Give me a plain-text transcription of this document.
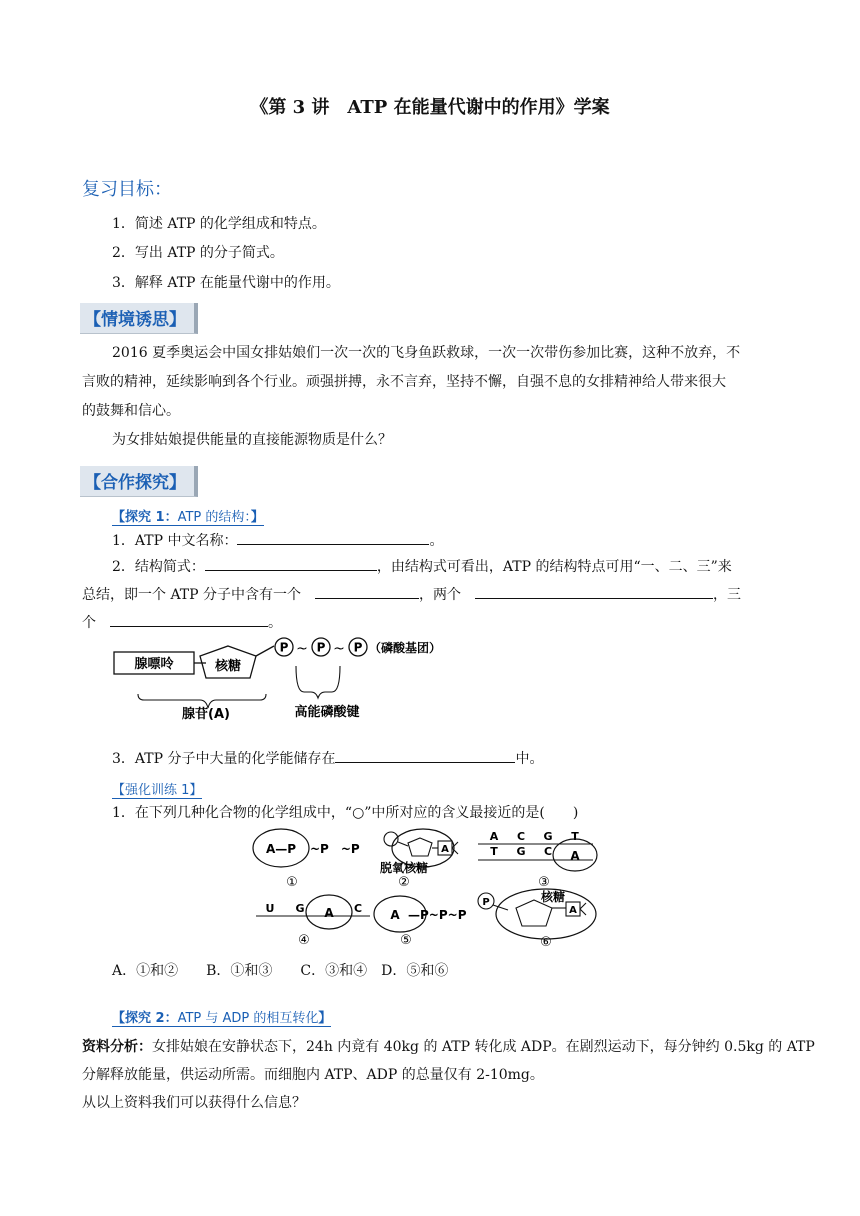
《第 3 讲　ATP 在能量代谢中的作用》学案
复习目标：
1．简述 ATP 的化学组成和特点。
2．写出 ATP 的分子简式。
3．解释 ATP 在能量代谢中的作用。
【情境诱思】
2016 夏季奥运会中国女排姑娘们一次一次的飞身鱼跃救球，一次一次带伤参加比赛，这种不放弃，不
言败的精神，延续影响到各个行业。顽强拼搏，永不言弃，坚持不懈，自强不息的女排精神给人带来很大
的鼓舞和信心。
为女排姑娘提供能量的直接能源物质是什么？
【合作探究】
【探究 1：ATP 的结构：】
1．ATP 中文名称：	。
2．结构简式：	，由结构式可看出，ATP 的结构特点可用“一、二、三”来
总结，即一个 ATP 分子中含有一个　	，两个　	，三
个　	。
腺嘌呤	核糖
P ~ P ~ P （磷酸基团）
腺苷(A)	高能磷酸键
3．ATP 分子中大量的化学能储存在	中。
【强化训练 1】
1．在下列几种化合物的化学组成中，“○”中所对应的含义最接近的是(　　)
A—P ~P　~P
①
A
脱氧核糖
②
A C G T
T G C A
③
U G A C
④
A —P~P~P
⑤
P	核糖
A
⑥
A．①和②　　B．①和③　　C．③和④　D．⑤和⑥
【探究 2：ATP 与 ADP 的相互转化】
资料分析：女排姑娘在安静状态下，24h 内竟有 40kg 的 ATP 转化成 ADP。在剧烈运动下，每分钟约 0.5kg 的 ATP
分解释放能量，供运动所需。而细胞内 ATP、ADP 的总量仅有 2-10mg。
从以上资料我们可以获得什么信息？
